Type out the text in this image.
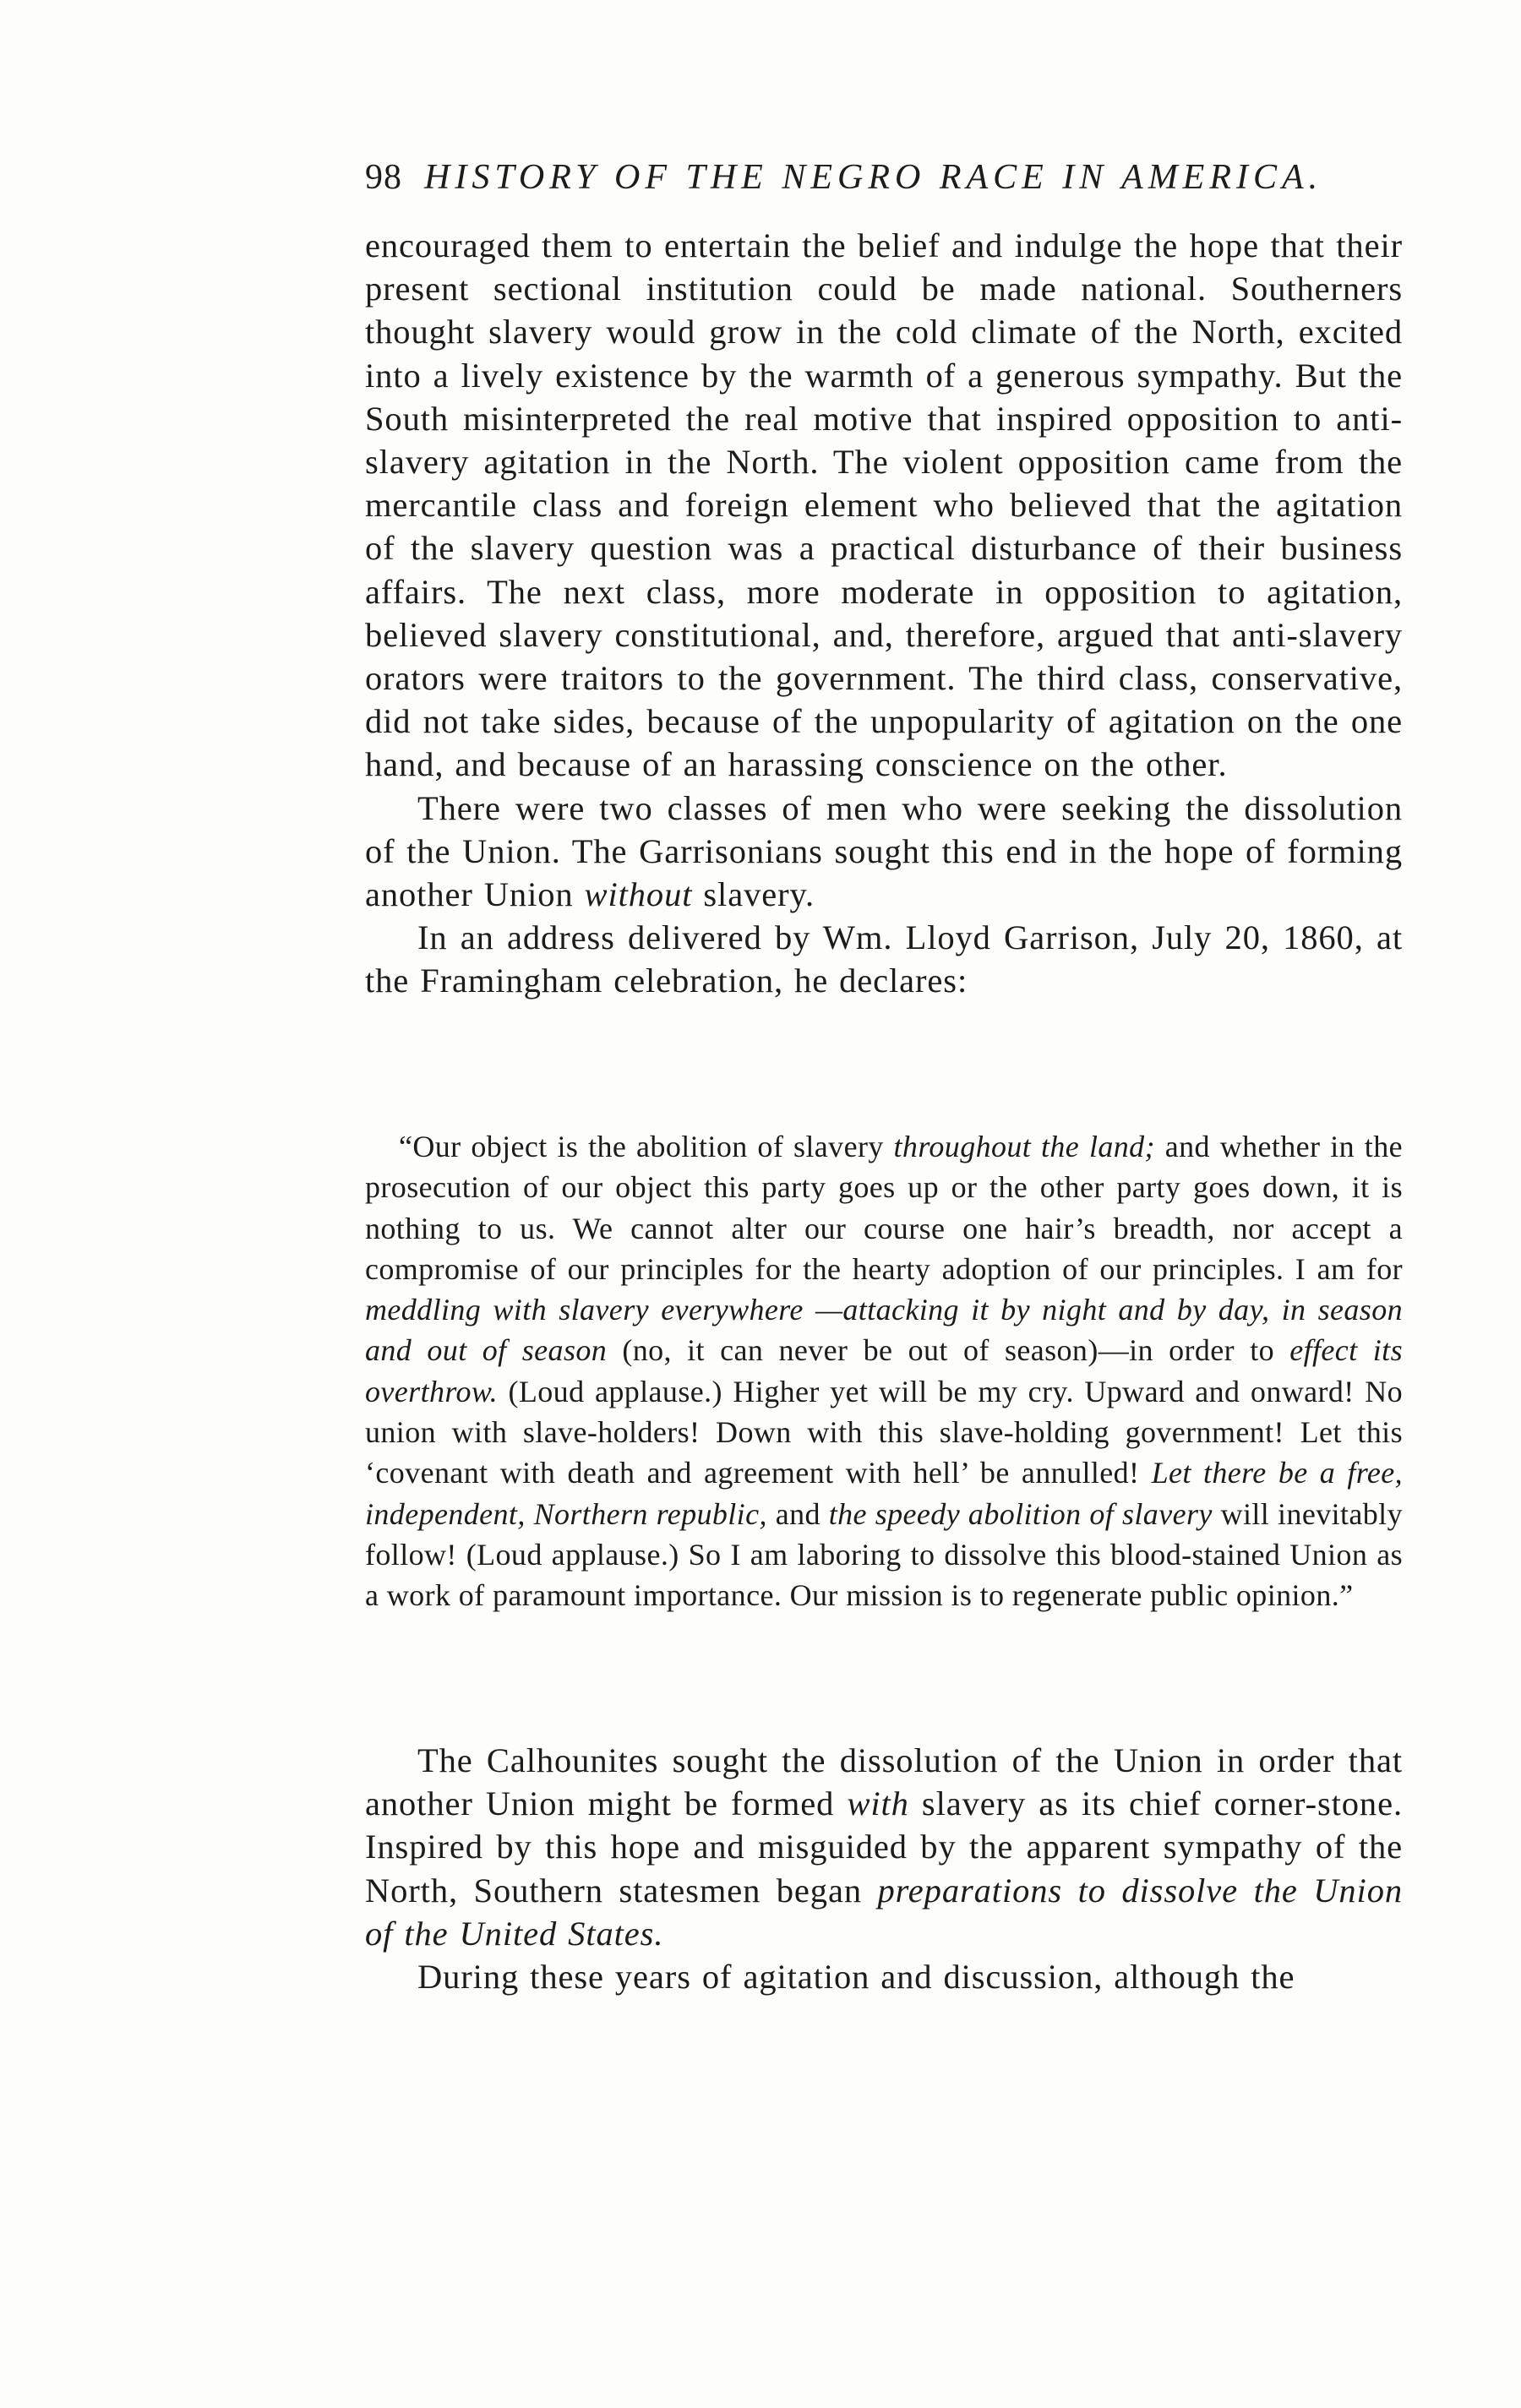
98 HISTORY OF THE NEGRO RACE IN AMERICA.

encouraged them to entertain the belief and indulge the hope that their present sectional institution could be made national. Southerners thought slavery would grow in the cold climate of the North, excited into a lively existence by the warmth of a generous sympathy. But the South misinterpreted the real motive that inspired opposition to anti-slavery agitation in the North. The violent opposition came from the mercantile class and foreign element who believed that the agitation of the slavery question was a practical disturbance of their business affairs. The next class, more moderate in opposition to agitation, believed slavery constitutional, and, therefore, argued that anti-slavery orators were traitors to the government. The third class, conservative, did not take sides, because of the unpopularity of agitation on the one hand, and because of an harassing conscience on the other.

There were two classes of men who were seeking the dissolution of the Union. The Garrisonians sought this end in the hope of forming another Union without slavery.

In an address delivered by Wm. Lloyd Garrison, July 20, 1860, at the Framingham celebration, he declares:

“Our object is the abolition of slavery throughout the land; and whether in the prosecution of our object this party goes up or the other party goes down, it is nothing to us. We cannot alter our course one hair’s breadth, nor accept a compromise of our principles for the hearty adoption of our principles. I am for meddling with slavery everywhere —attacking it by night and by day, in season and out of season (no, it can never be out of season)—in order to effect its overthrow. (Loud applause.) Higher yet will be my cry. Upward and onward! No union with slave-holders! Down with this slave-holding government! Let this ‘covenant with death and agreement with hell’ be annulled! Let there be a free, independent, Northern republic, and the speedy abolition of slavery will inevitably follow! (Loud applause.) So I am laboring to dissolve this blood-stained Union as a work of paramount importance. Our mission is to regenerate public opinion.”

The Calhounites sought the dissolution of the Union in order that another Union might be formed with slavery as its chief corner-stone. Inspired by this hope and misguided by the apparent sympathy of the North, Southern statesmen began preparations to dissolve the Union of the United States.

During these years of agitation and discussion, although the
